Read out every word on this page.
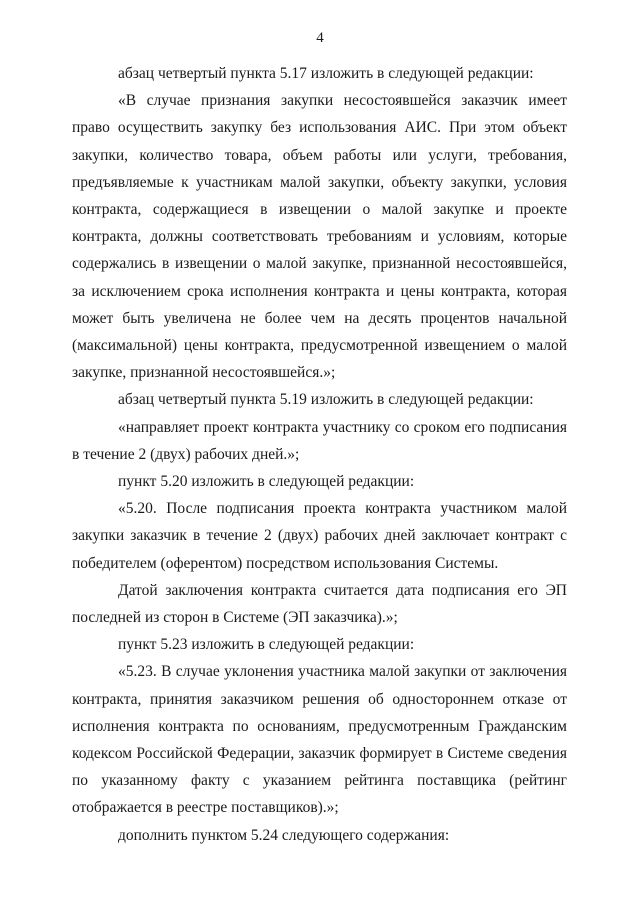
4

абзац четвертый пункта 5.17 изложить в следующей редакции:

«В случае признания закупки несостоявшейся заказчик имеет право осуществить закупку без использования АИС. При этом объект закупки, количество товара, объем работы или услуги, требования, предъявляемые к участникам малой закупки, объекту закупки, условия контракта, содержащиеся в извещении о малой закупке и проекте контракта, должны соответствовать требованиям и условиям, которые содержались в извещении о малой закупке, признанной несостоявшейся, за исключением срока исполнения контракта и цены контракта, которая может быть увеличена не более чем на десять процентов начальной (максимальной) цены контракта, предусмотренной извещением о малой закупке, признанной несостоявшейся.»;

абзац четвертый пункта 5.19 изложить в следующей редакции:

«направляет проект контракта участнику со сроком его подписания в течение 2 (двух) рабочих дней.»;

пункт 5.20 изложить в следующей редакции:

«5.20. После подписания проекта контракта участником малой закупки заказчик в течение 2 (двух) рабочих дней заключает контракт с победителем (оферентом) посредством использования Системы.

Датой заключения контракта считается дата подписания его ЭП последней из сторон в Системе (ЭП заказчика).»;

пункт 5.23 изложить в следующей редакции:

«5.23. В случае уклонения участника малой закупки от заключения контракта, принятия заказчиком решения об одностороннем отказе от исполнения контракта по основаниям, предусмотренным Гражданским кодексом Российской Федерации, заказчик формирует в Системе сведения по указанному факту с указанием рейтинга поставщика (рейтинг отображается в реестре поставщиков).»;

дополнить пунктом 5.24 следующего содержания:
